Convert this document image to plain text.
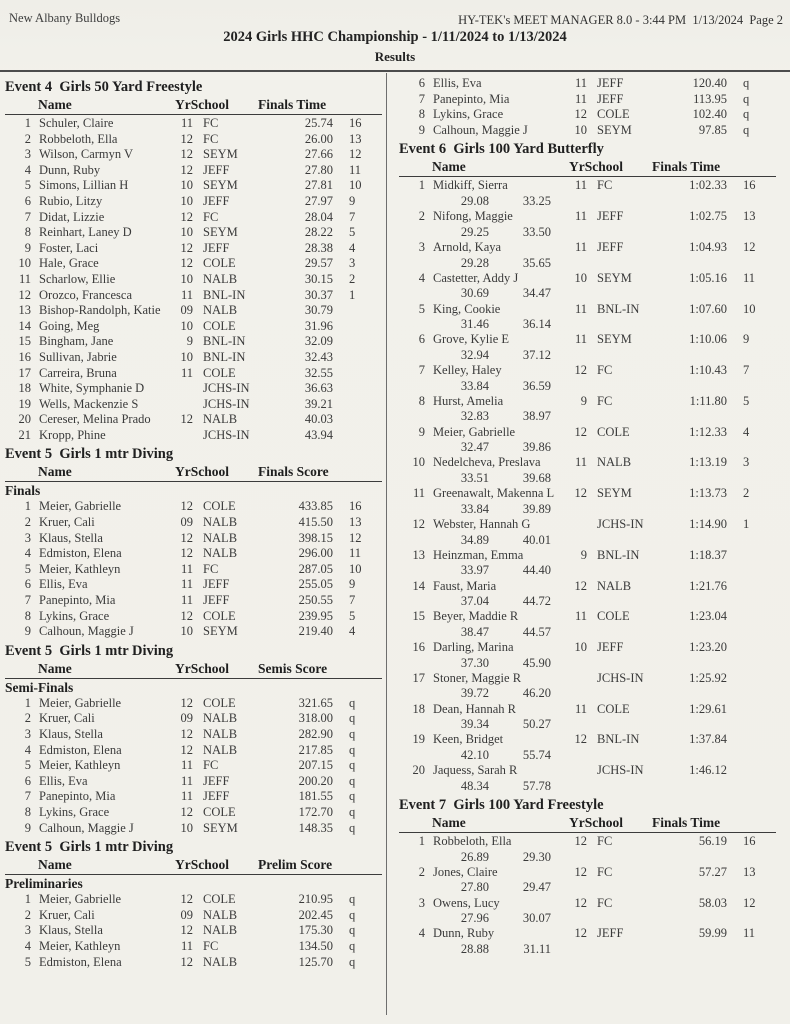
New Albany Bulldogs	HY-TEK's MEET MANAGER 8.0 - 3:44 PM  1/13/2024  Page 2
2024 Girls HHC Championship - 1/11/2024 to 1/13/2024
Results
Event 4  Girls 50 Yard Freestyle
Name	YrSchool Finals Time
1 Schuler, Claire	11 FC	25.74	16
2 Robbeloth, Ella	12 FC	26.00	13
3 Wilson, Carmyn V	12 SEYM	27.66	12
4 Dunn, Ruby	12 JEFF	27.80	11
5 Simons, Lillian H	10 SEYM	27.81	10
6 Rubio, Litzy	10 JEFF	27.97	9
7 Didat, Lizzie	12 FC	28.04	7
8 Reinhart, Laney D	10 SEYM	28.22	5
9 Foster, Laci	12 JEFF	28.38	4
10 Hale, Grace	12 COLE	29.57	3
11 Scharlow, Ellie	10 NALB	30.15	2
12 Orozco, Francesca	11 BNL-IN	30.37	1
13 Bishop-Randolph, Katie	09 NALB	30.79
14 Going, Meg	10 COLE	31.96
15 Bingham, Jane	9 BNL-IN	32.09
16 Sullivan, Jabrie	10 BNL-IN	32.43
17 Carreira, Bruna	11 COLE	32.55
18 White, Symphanie D	JCHS-IN	36.63
19 Wells, Mackenzie S	JCHS-IN	39.21
20 Cereser, Melina Prado	12 NALB	40.03
21 Kropp, Phine	JCHS-IN	43.94
Event 5  Girls 1 mtr Diving
Name	YrSchool Finals Score
Finals
1 Meier, Gabrielle	12 COLE	433.85	16
2 Kruer, Cali	09 NALB	415.50	13
3 Klaus, Stella	12 NALB	398.15	12
4 Edmiston, Elena	12 NALB	296.00	11
5 Meier, Kathleyn	11 FC	287.05	10
6 Ellis, Eva	11 JEFF	255.05	9
7 Panepinto, Mia	11 JEFF	250.55	7
8 Lykins, Grace	12 COLE	239.95	5
9 Calhoun, Maggie J	10 SEYM	219.40	4
Event 5  Girls 1 mtr Diving
Name	YrSchool Semis Score
Semi-Finals
1 Meier, Gabrielle	12 COLE	321.65	q
2 Kruer, Cali	09 NALB	318.00	q
3 Klaus, Stella	12 NALB	282.90	q
4 Edmiston, Elena	12 NALB	217.85	q
5 Meier, Kathleyn	11 FC	207.15	q
6 Ellis, Eva	11 JEFF	200.20	q
7 Panepinto, Mia	11 JEFF	181.55	q
8 Lykins, Grace	12 COLE	172.70	q
9 Calhoun, Maggie J	10 SEYM	148.35	q
Event 5  Girls 1 mtr Diving
Name	YrSchool Prelim Score
Preliminaries
1 Meier, Gabrielle	12 COLE	210.95	q
2 Kruer, Cali	09 NALB	202.45	q
3 Klaus, Stella	12 NALB	175.30	q
4 Meier, Kathleyn	11 FC	134.50	q
5 Edmiston, Elena	12 NALB	125.70	q
6 Ellis, Eva	11 JEFF	120.40	q
7 Panepinto, Mia	11 JEFF	113.95	q
8 Lykins, Grace	12 COLE	102.40	q
9 Calhoun, Maggie J	10 SEYM	97.85	q
Event 6  Girls 100 Yard Butterfly
Name	YrSchool Finals Time
1 Midkiff, Sierra	11 FC	1:02.33	16
29.08	33.25
2 Nifong, Maggie	11 JEFF	1:02.75	13
29.25	33.50
3 Arnold, Kaya	11 JEFF	1:04.93	12
29.28	35.65
4 Castetter, Addy J	10 SEYM	1:05.16	11
30.69	34.47
5 King, Cookie	11 BNL-IN	1:07.60	10
31.46	36.14
6 Grove, Kylie E	11 SEYM	1:10.06	9
32.94	37.12
7 Kelley, Haley	12 FC	1:10.43	7
33.84	36.59
8 Hurst, Amelia	9 FC	1:11.80	5
32.83	38.97
9 Meier, Gabrielle	12 COLE	1:12.33	4
32.47	39.86
10 Nedelcheva, Preslava	11 NALB	1:13.19	3
33.51	39.68
11 Greenawalt, Makenna L	12 SEYM	1:13.73	2
33.84	39.89
12 Webster, Hannah G	JCHS-IN	1:14.90	1
34.89	40.01
13 Heinzman, Emma	9 BNL-IN	1:18.37
33.97	44.40
14 Faust, Maria	12 NALB	1:21.76
37.04	44.72
15 Beyer, Maddie R	11 COLE	1:23.04
38.47	44.57
16 Darling, Marina	10 JEFF	1:23.20
37.30	45.90
17 Stoner, Maggie R	JCHS-IN	1:25.92
39.72	46.20
18 Dean, Hannah R	11 COLE	1:29.61
39.34	50.27
19 Keen, Bridget	12 BNL-IN	1:37.84
42.10	55.74
20 Jaquess, Sarah R	JCHS-IN	1:46.12
48.34	57.78
Event 7  Girls 100 Yard Freestyle
Name	YrSchool Finals Time
1 Robbeloth, Ella	12 FC	56.19	16
26.89	29.30
2 Jones, Claire	12 FC	57.27	13
27.80	29.47
3 Owens, Lucy	12 FC	58.03	12
27.96	30.07
4 Dunn, Ruby	12 JEFF	59.99	11
28.88	31.11
